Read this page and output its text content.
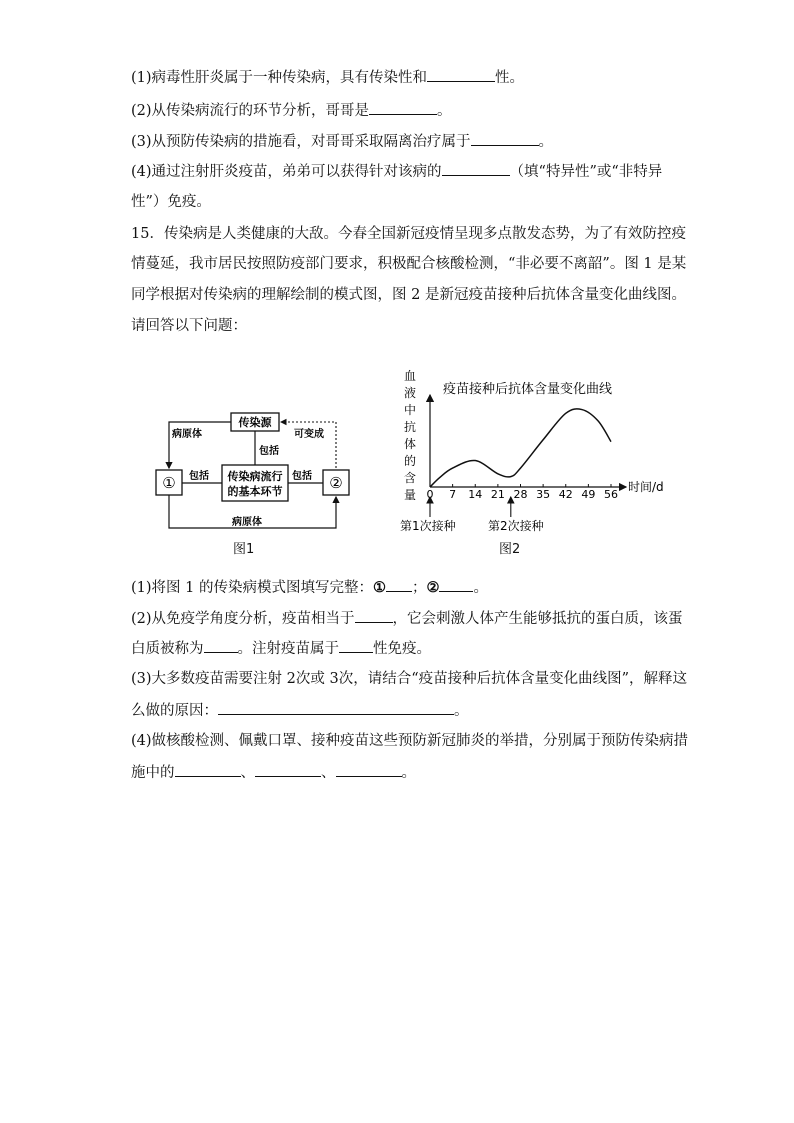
(1)病毒性肝炎属于一种传染病，具有传染性和	性。
(2)从传染病流行的环节分析，哥哥是	。
(3)从预防传染病的措施看，对哥哥采取隔离治疗属于	。
(4)通过注射肝炎疫苗，弟弟可以获得针对该病的	（填“特异性”或“非特异
性”）免疫。
15．传染病是人类健康的大敌。今春全国新冠疫情呈现多点散发态势，为了有效防控疫
情蔓延，我市居民按照防疫部门要求，积极配合核酸检测，“非必要不离韶”。图 1 是某
同学根据对传染病的理解绘制的模式图，图 2 是新冠疫苗接种后抗体含量变化曲线图。
请回答以下问题：
传染源
传染病流行
的基本环节
①	②
病原体	可变成
包括
包括	包括
病原体
图1
血
液
中
抗
体
的
含
量
疫苗接种后抗体含量变化曲线
时间/d
0 7 14 21 28 35 42 49 56
第1次接种	第2次接种
图2
(1)将图 1 的传染病模式图填写完整：① ；② 。
(2)从免疫学角度分析，疫苗相当于	，它会刺激人体产生能够抵抗的蛋白质，该蛋
白质被称为 。注射疫苗属于 性免疫。
(3)大多数疫苗需要注射 2次或 3次，请结合“疫苗接种后抗体含量变化曲线图”，解释这
么做的原因：	。
(4)做核酸检测、佩戴口罩、接种疫苗这些预防新冠肺炎的举措，分别属于预防传染病措
施中的	、	、	。
